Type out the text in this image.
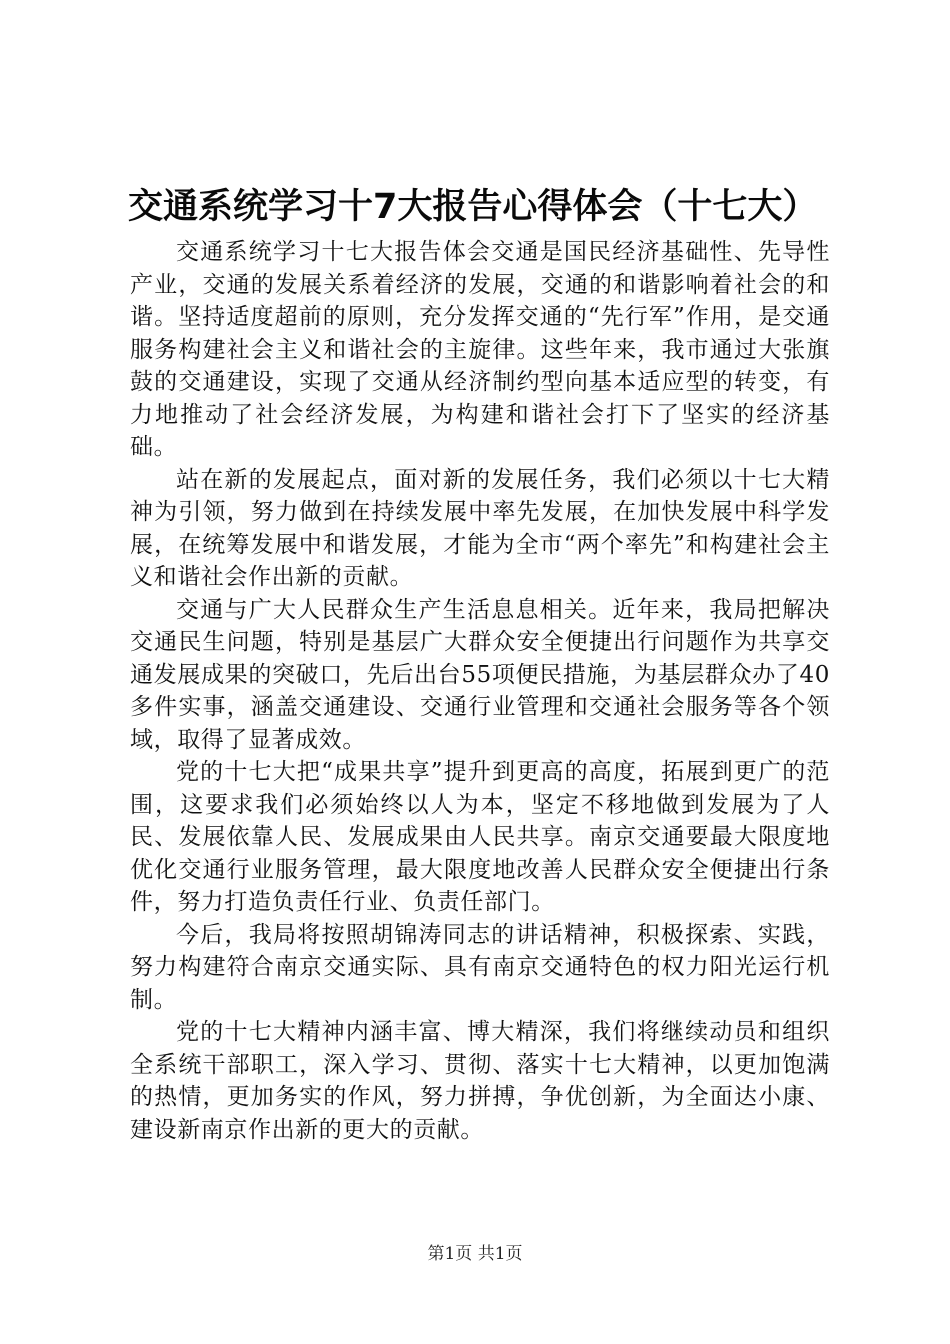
交通系统学习十7大报告心得体会（十七大）

交通系统学习十七大报告体会交通是国民经济基础性、先导性产业，交通的发展关系着经济的发展，交通的和谐影响着社会的和谐。坚持适度超前的原则，充分发挥交通的“先行军”作用，是交通服务构建社会主义和谐社会的主旋律。这些年来，我市通过大张旗鼓的交通建设，实现了交通从经济制约型向基本适应型的转变，有力地推动了社会经济发展，为构建和谐社会打下了坚实的经济基础。

站在新的发展起点，面对新的发展任务，我们必须以十七大精神为引领，努力做到在持续发展中率先发展，在加快发展中科学发展，在统筹发展中和谐发展，才能为全市“两个率先”和构建社会主义和谐社会作出新的贡献。

交通与广大人民群众生产生活息息相关。近年来，我局把解决交通民生问题，特别是基层广大群众安全便捷出行问题作为共享交通发展成果的突破口，先后出台55项便民措施，为基层群众办了40多件实事，涵盖交通建设、交通行业管理和交通社会服务等各个领域，取得了显著成效。

党的十七大把“成果共享”提升到更高的高度，拓展到更广的范围，这要求我们必须始终以人为本，坚定不移地做到发展为了人民、发展依靠人民、发展成果由人民共享。南京交通要最大限度地优化交通行业服务管理，最大限度地改善人民群众安全便捷出行条件，努力打造负责任行业、负责任部门。

今后，我局将按照胡锦涛同志的讲话精神，积极探索、实践，努力构建符合南京交通实际、具有南京交通特色的权力阳光运行机制。

党的十七大精神内涵丰富、博大精深，我们将继续动员和组织全系统干部职工，深入学习、贯彻、落实十七大精神，以更加饱满的热情，更加务实的作风，努力拼搏，争优创新，为全面达小康、建设新南京作出新的更大的贡献。

第1页 共1页
